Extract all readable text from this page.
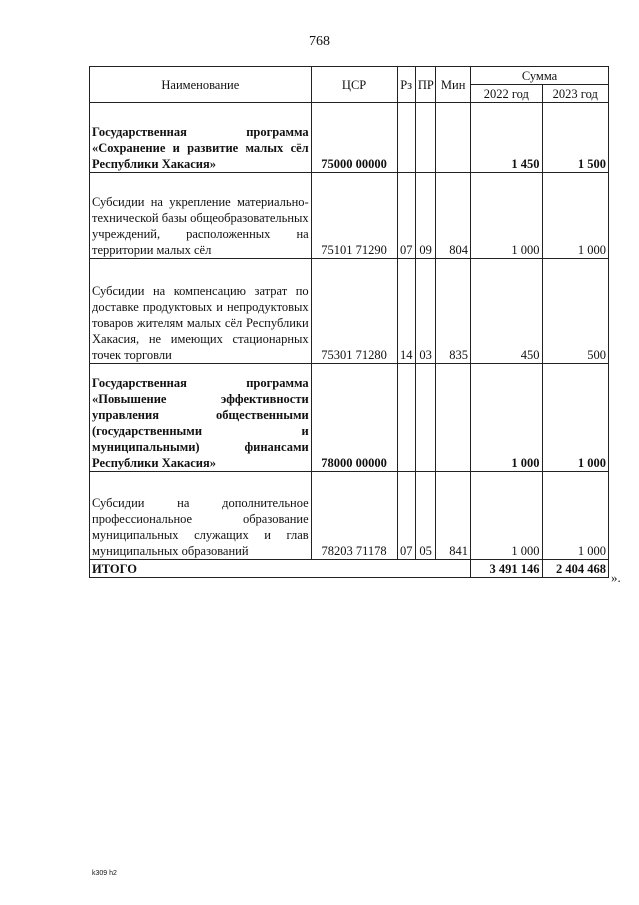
768
Наименование	ЦСР	Рз	ПР	Мин	Сумма	
					2022 год	2023 год
Государственная программа «Сохранение и развитие малых сёл Республики Хакасия»	75000 00000				1 450	1 500
Субсидии на укрепление материально-технической базы общеобразовательных учреждений, расположенных на территории малых сёл	75101 71290	07	09	804	1 000	1 000
Субсидии на компенсацию затрат по доставке продуктовых и непродуктовых товаров жителям малых сёл Республики Хакасия, не имеющих стационарных точек торговли	75301 71280	14	03	835	450	500
Государственная программа «Повышение эффективности управления общественными (государственными и муниципальными) финансами Республики Хакасия»	78000 00000				1 000	1 000
Субсидии на дополнительное профессиональное образование муниципальных служащих и глав муниципальных образований	78203 71178	07	05	841	1 000	1 000
ИТОГО					3 491 146	2 404 468
».
k309 h2
